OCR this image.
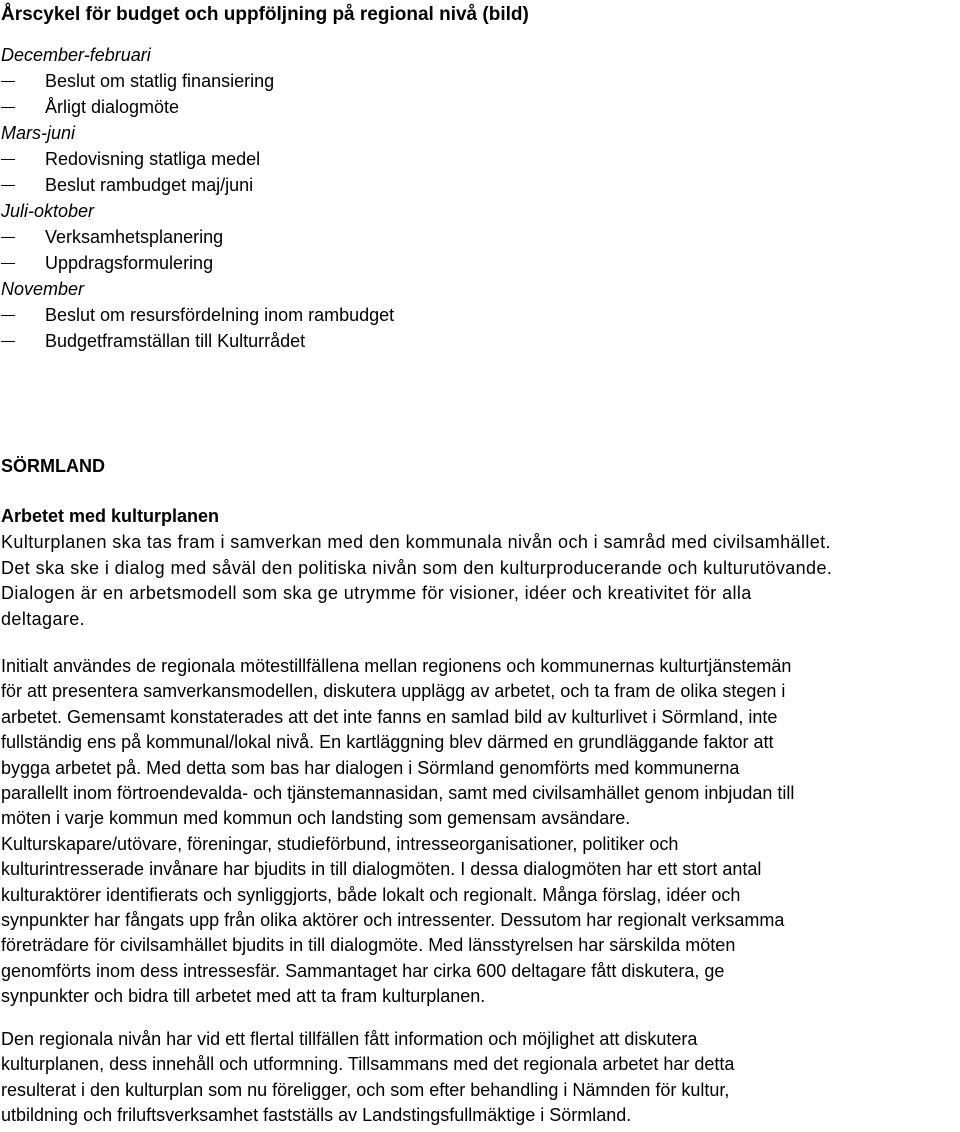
Årscykel för budget och uppföljning på regional nivå (bild)
December-februari
Beslut om statlig finansiering
Årligt dialogmöte
Mars-juni
Redovisning statliga medel
Beslut rambudget maj/juni
Juli-oktober
Verksamhetsplanering
Uppdragsformulering
November
Beslut om resursfördelning inom rambudget
Budgetframställan till Kulturrådet
SÖRMLAND
Arbetet med kulturplanen
Kulturplanen ska tas fram i samverkan med den kommunala nivån och i samråd med civilsamhället.
Det ska ske i dialog med såväl den politiska nivån som den kulturproducerande och kulturutövande.
Dialogen är en arbetsmodell som ska ge utrymme för visioner, idéer och kreativitet för alla
deltagare.
Initialt användes de regionala mötestillfällena mellan regionens och kommunernas kulturtjänstemän
för att presentera samverkansmodellen, diskutera upplägg av arbetet, och ta fram de olika stegen i
arbetet. Gemensamt konstaterades att det inte fanns en samlad bild av kulturlivet i Sörmland, inte
fullständig ens på kommunal/lokal nivå. En kartläggning blev därmed en grundläggande faktor att
bygga arbetet på. Med detta som bas har dialogen i Sörmland genomförts med kommunerna
parallellt inom förtroendevalda- och tjänstemannasidan, samt med civilsamhället genom inbjudan till
möten i varje kommun med kommun och landsting som gemensam avsändare.
Kulturskapare/utövare, föreningar, studieförbund, intresseorganisationer, politiker och
kulturintresserade invånare har bjudits in till dialogmöten. I dessa dialogmöten har ett stort antal
kulturaktörer identifierats och synliggjorts, både lokalt och regionalt. Många förslag, idéer och
synpunkter har fångats upp från olika aktörer och intressenter. Dessutom har regionalt verksamma
företrädare för civilsamhället bjudits in till dialogmöte. Med länsstyrelsen har särskilda möten
genomförts inom dess intressesfär. Sammantaget har cirka 600 deltagare fått diskutera, ge
synpunkter och bidra till arbetet med att ta fram kulturplanen.
Den regionala nivån har vid ett flertal tillfällen fått information och möjlighet att diskutera
kulturplanen, dess innehåll och utformning. Tillsammans med det regionala arbetet har detta
resulterat i den kulturplan som nu föreligger, och som efter behandling i Nämnden för kultur,
utbildning och friluftsverksamhet fastställs av Landstingsfullmäktige i Sörmland.
